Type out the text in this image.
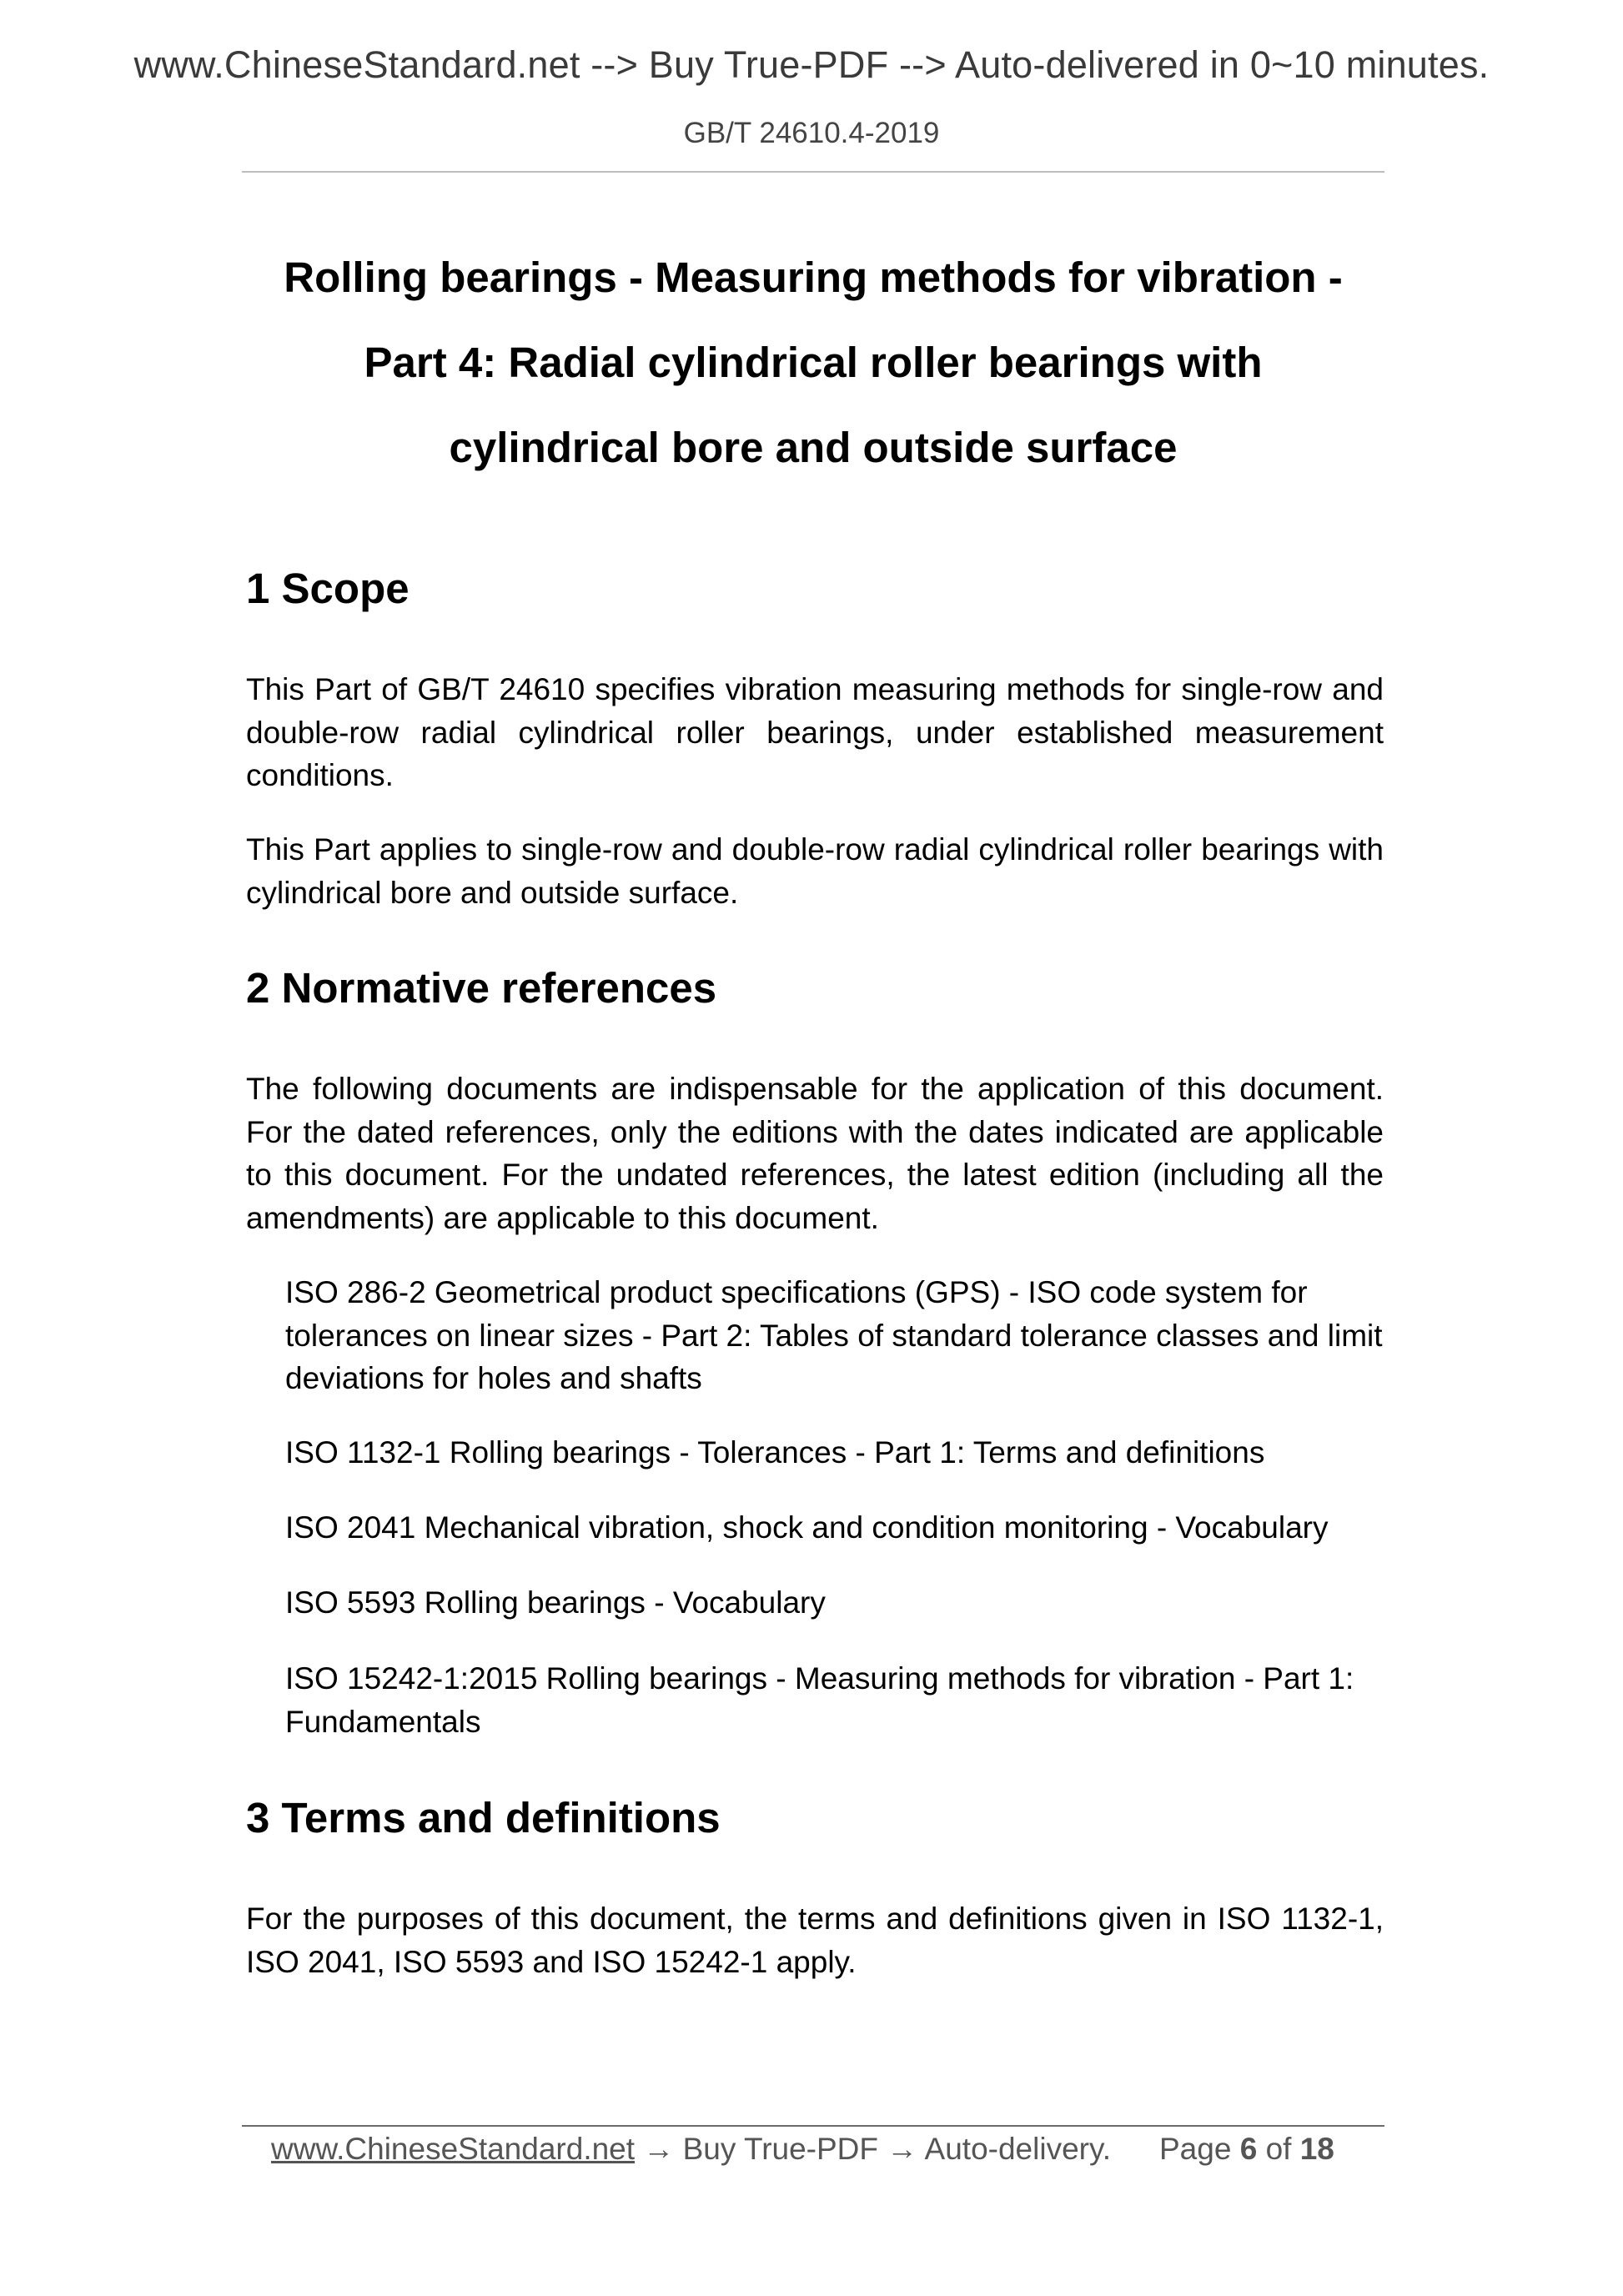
www.ChineseStandard.net --> Buy True-PDF --> Auto-delivered in 0~10 minutes.
GB/T 24610.4-2019
Rolling bearings - Measuring methods for vibration -
Part 4: Radial cylindrical roller bearings with
cylindrical bore and outside surface
1 Scope
This Part of GB/T 24610 specifies vibration measuring methods for single-row and double-row radial cylindrical roller bearings, under established measurement conditions.
This Part applies to single-row and double-row radial cylindrical roller bearings with cylindrical bore and outside surface.
2 Normative references
The following documents are indispensable for the application of this document. For the dated references, only the editions with the dates indicated are applicable to this document. For the undated references, the latest edition (including all the amendments) are applicable to this document.
ISO 286-2 Geometrical product specifications (GPS) - ISO code system for tolerances on linear sizes - Part 2: Tables of standard tolerance classes and limit deviations for holes and shafts
ISO 1132-1 Rolling bearings - Tolerances - Part 1: Terms and definitions
ISO 2041 Mechanical vibration, shock and condition monitoring - Vocabulary
ISO 5593 Rolling bearings - Vocabulary
ISO 15242-1:2015 Rolling bearings - Measuring methods for vibration - Part 1: Fundamentals
3 Terms and definitions
For the purposes of this document, the terms and definitions given in ISO 1132-1, ISO 2041, ISO 5593 and ISO 15242-1 apply.
www.ChineseStandard.net → Buy True-PDF → Auto-delivery. Page 6 of 18
